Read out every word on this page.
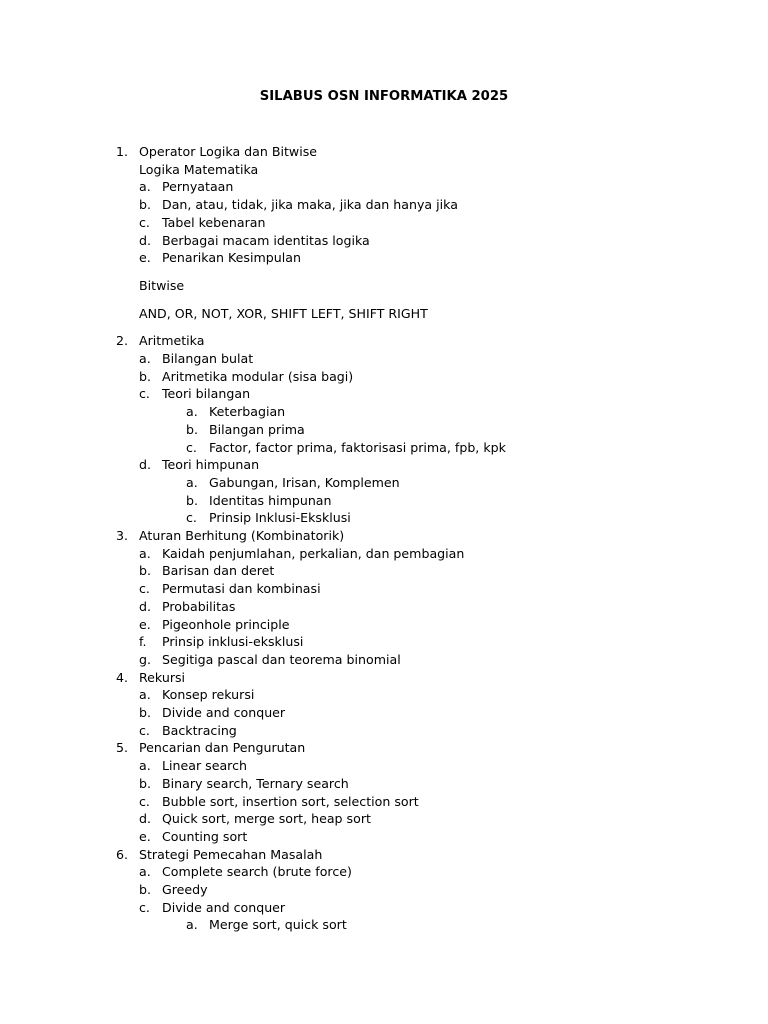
SILABUS OSN INFORMATIKA 2025
1. Operator Logika dan Bitwise
Logika Matematika
a. Pernyataan
b. Dan, atau, tidak, jika maka, jika dan hanya jika
c. Tabel kebenaran
d. Berbagai macam identitas logika
e. Penarikan Kesimpulan
Bitwise
AND, OR, NOT, XOR, SHIFT LEFT, SHIFT RIGHT
2. Aritmetika
a. Bilangan bulat
b. Aritmetika modular (sisa bagi)
c. Teori bilangan
a. Keterbagian
b. Bilangan prima
c. Factor, factor prima, faktorisasi prima, fpb, kpk
d. Teori himpunan
a. Gabungan, Irisan, Komplemen
b. Identitas himpunan
c. Prinsip Inklusi-Eksklusi
3. Aturan Berhitung (Kombinatorik)
a. Kaidah penjumlahan, perkalian, dan pembagian
b. Barisan dan deret
c. Permutasi dan kombinasi
d. Probabilitas
e. Pigeonhole principle
f. Prinsip inklusi-eksklusi
g. Segitiga pascal dan teorema binomial
4. Rekursi
a. Konsep rekursi
b. Divide and conquer
c. Backtracing
5. Pencarian dan Pengurutan
a. Linear search
b. Binary search, Ternary search
c. Bubble sort, insertion sort, selection sort
d. Quick sort, merge sort, heap sort
e. Counting sort
6. Strategi Pemecahan Masalah
a. Complete search (brute force)
b. Greedy
c. Divide and conquer
a. Merge sort, quick sort
